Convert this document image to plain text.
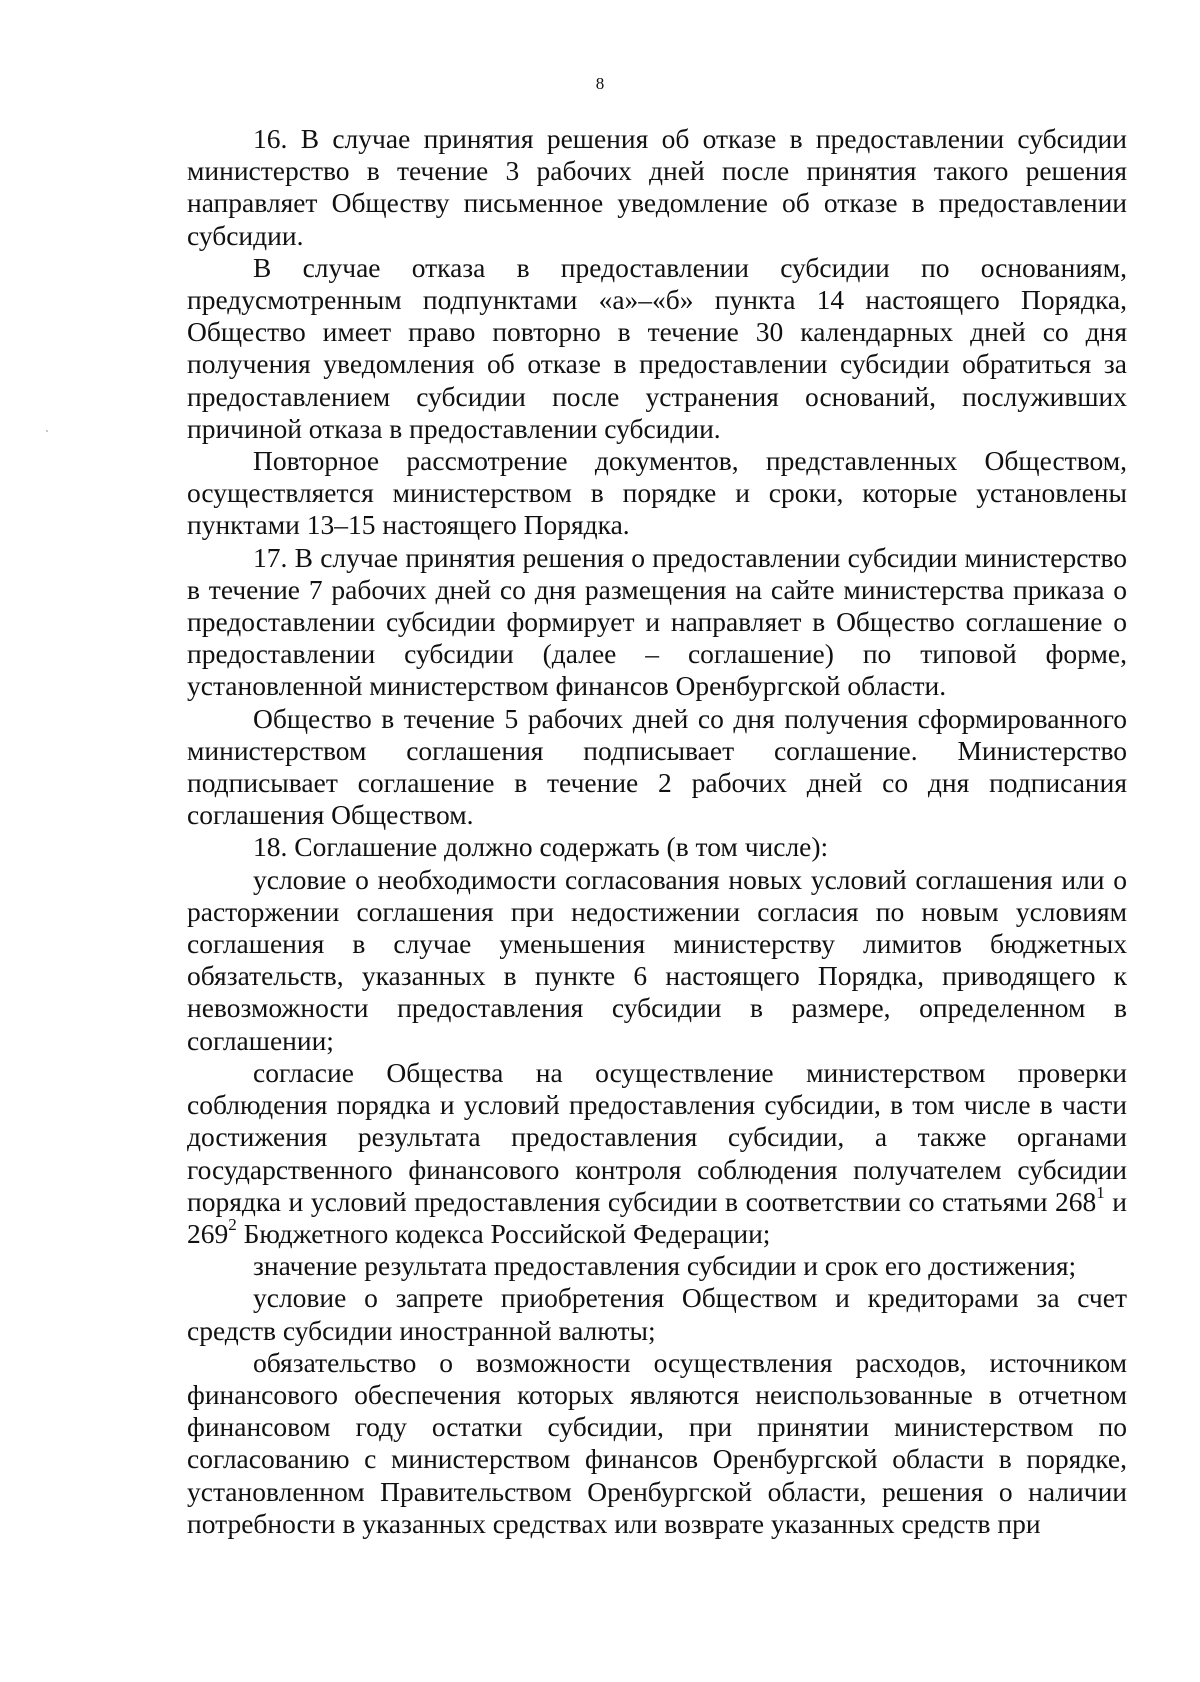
8

16. В случае принятия решения об отказе в предоставлении субсидии министерство в течение 3 рабочих дней после принятия такого решения направляет Обществу письменное уведомление об отказе в предоставлении субсидии.

В случае отказа в предоставлении субсидии по основаниям, предусмотренным подпунктами «а»–«б» пункта 14 настоящего Порядка, Общество имеет право повторно в течение 30 календарных дней со дня получения уведомления об отказе в предоставлении субсидии обратиться за предоставлением субсидии после устранения оснований, послуживших причиной отказа в предоставлении субсидии.

Повторное рассмотрение документов, представленных Обществом, осуществляется министерством в порядке и сроки, которые установлены пунктами 13–15 настоящего Порядка.

17. В случае принятия решения о предоставлении субсидии министерство в течение 7 рабочих дней со дня размещения на сайте министерства приказа о предоставлении субсидии формирует и направляет в Общество соглашение о предоставлении субсидии (далее – соглашение) по типовой форме, установленной министерством финансов Оренбургской области.

Общество в течение 5 рабочих дней со дня получения сформированного министерством соглашения подписывает соглашение. Министерство подписывает соглашение в течение 2 рабочих дней со дня подписания соглашения Обществом.

18. Соглашение должно содержать (в том числе):

условие о необходимости согласования новых условий соглашения или о расторжении соглашения при недостижении согласия по новым условиям соглашения в случае уменьшения министерству лимитов бюджетных обязательств, указанных в пункте 6 настоящего Порядка, приводящего к невозможности предоставления субсидии в размере, определенном в соглашении;

согласие Общества на осуществление министерством проверки соблюдения порядка и условий предоставления субсидии, в том числе в части достижения результата предоставления субсидии, а также органами государственного финансового контроля соблюдения получателем субсидии порядка и условий предоставления субсидии в соответствии со статьями $268^1$ и $269^2$ Бюджетного кодекса Российской Федерации;

значение результата предоставления субсидии и срок его достижения;

условие о запрете приобретения Обществом и кредиторами за счет средств субсидии иностранной валюты;

обязательство о возможности осуществления расходов, источником финансового обеспечения которых являются неиспользованные в отчетном финансовом году остатки субсидии, при принятии министерством по согласованию с министерством финансов Оренбургской области в порядке, установленном Правительством Оренбургской области, решения о наличии потребности в указанных средствах или возврате указанных средств при
